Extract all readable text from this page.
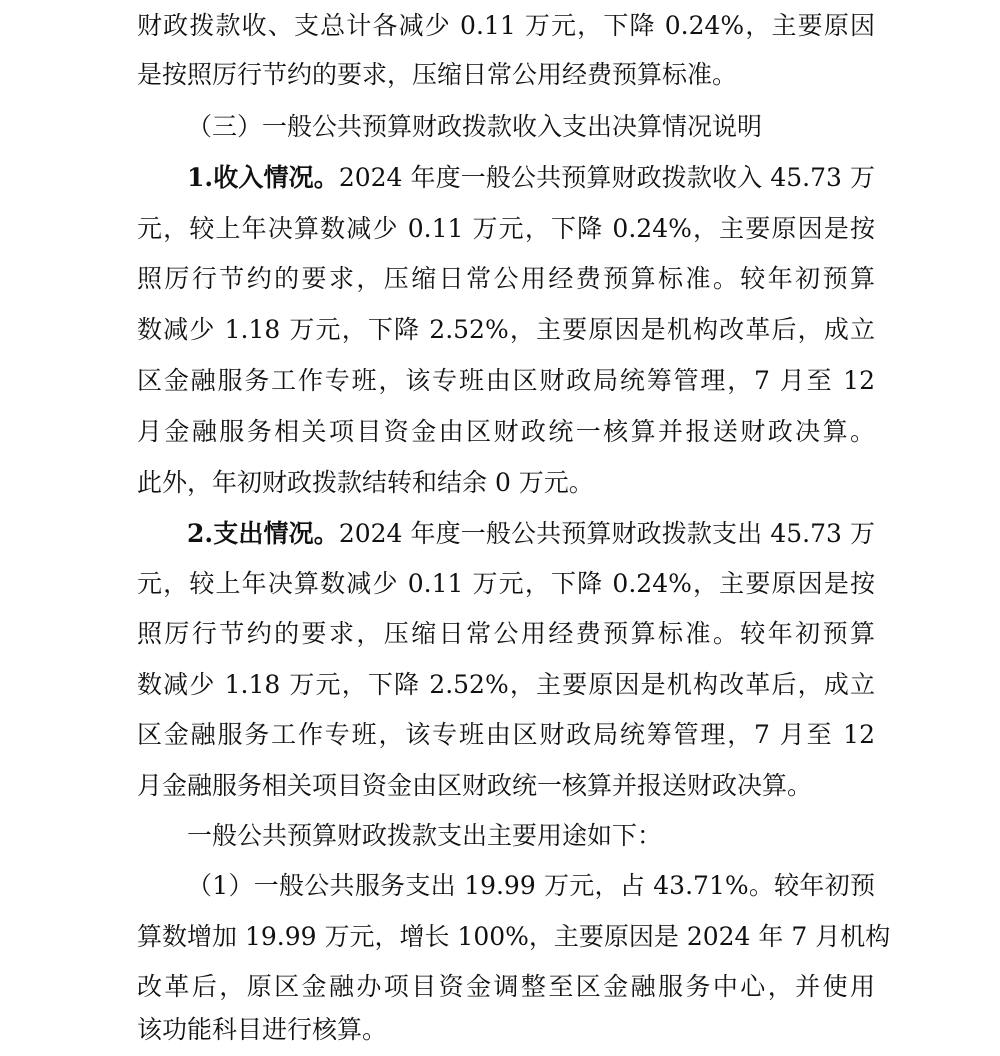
财政拨款收、支总计各减少 0.11 万元，下降 0.24%，主要原因
是按照厉行节约的要求，压缩日常公用经费预算标准。
（三）一般公共预算财政拨款收入支出决算情况说明
1.收入情况。2024 年度一般公共预算财政拨款收入 45.73 万
元，较上年决算数减少 0.11 万元，下降 0.24%，主要原因是按
照厉行节约的要求，压缩日常公用经费预算标准。较年初预算
数减少 1.18 万元，下降 2.52%，主要原因是机构改革后，成立
区金融服务工作专班，该专班由区财政局统筹管理，7 月至 12
月金融服务相关项目资金由区财政统一核算并报送财政决算。
此外，年初财政拨款结转和结余 0 万元。
2.支出情况。2024 年度一般公共预算财政拨款支出 45.73 万
元，较上年决算数减少 0.11 万元，下降 0.24%，主要原因是按
照厉行节约的要求，压缩日常公用经费预算标准。较年初预算
数减少 1.18 万元，下降 2.52%，主要原因是机构改革后，成立
区金融服务工作专班，该专班由区财政局统筹管理，7 月至 12
月金融服务相关项目资金由区财政统一核算并报送财政决算。
一般公共预算财政拨款支出主要用途如下：
（1）一般公共服务支出 19.99 万元，占 43.71%。较年初预
算数增加 19.99 万元，增长 100%，主要原因是 2024 年 7 月机构
改革后，原区金融办项目资金调整至区金融服务中心，并使用
该功能科目进行核算。
